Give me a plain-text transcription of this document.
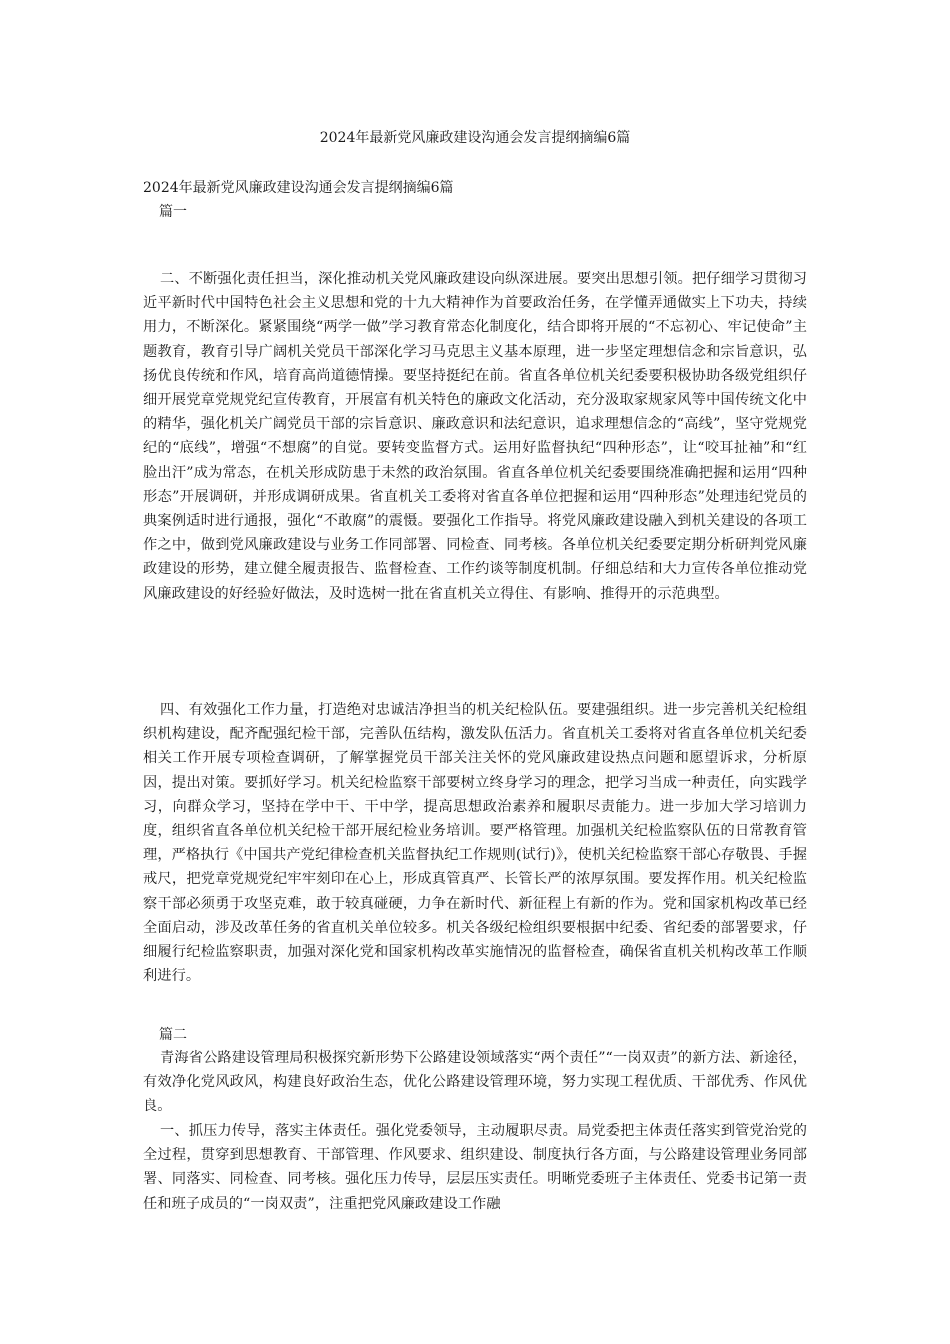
2024年最新党风廉政建设沟通会发言提纲摘编6篇
2024年最新党风廉政建设沟通会发言提纲摘编6篇
篇一

二、不断强化责任担当，深化推动机关党风廉政建设向纵深进展。要突出思想引领。把仔细学习贯彻习近平新时代中国特色社会主义思想和党的十九大精神作为首要政治任务，在学懂弄通做实上下功夫，持续用力，不断深化。紧紧围绕“两学一做”学习教育常态化制度化，结合即将开展的“不忘初心、牢记使命”主题教育，教育引导广阔机关党员干部深化学习马克思主义基本原理，进一步坚定理想信念和宗旨意识，弘扬优良传统和作风，培育高尚道德情操。要坚持挺纪在前。省直各单位机关纪委要积极协助各级党组织仔细开展党章党规党纪宣传教育，开展富有机关特色的廉政文化活动，充分汲取家规家风等中国传统文化中的精华，强化机关广阔党员干部的宗旨意识、廉政意识和法纪意识，追求理想信念的“高线”，坚守党规党纪的“底线”，增强“不想腐”的自觉。要转变监督方式。运用好监督执纪“四种形态”，让“咬耳扯袖”和“红脸出汗”成为常态，在机关形成防患于未然的政治氛围。省直各单位机关纪委要围绕准确把握和运用“四种形态”开展调研，并形成调研成果。省直机关工委将对省直各单位把握和运用“四种形态”处理违纪党员的典案例适时进行通报，强化“不敢腐”的震慑。要强化工作指导。将党风廉政建设融入到机关建设的各项工作之中，做到党风廉政建设与业务工作同部署、同检查、同考核。各单位机关纪委要定期分析研判党风廉政建设的形势，建立健全履责报告、监督检查、工作约谈等制度机制。仔细总结和大力宣传各单位推动党风廉政建设的好经验好做法，及时选树一批在省直机关立得住、有影响、推得开的示范典型。

四、有效强化工作力量，打造绝对忠诚洁净担当的机关纪检队伍。要建强组织。进一步完善机关纪检组织机构建设，配齐配强纪检干部，完善队伍结构，激发队伍活力。省直机关工委将对省直各单位机关纪委相关工作开展专项检查调研，了解掌握党员干部关注关怀的党风廉政建设热点问题和愿望诉求，分析原因，提出对策。要抓好学习。机关纪检监察干部要树立终身学习的理念，把学习当成一种责任，向实践学习，向群众学习，坚持在学中干、干中学，提高思想政治素养和履职尽责能力。进一步加大学习培训力度，组织省直各单位机关纪检干部开展纪检业务培训。要严格管理。加强机关纪检监察队伍的日常教育管理，严格执行《中国共产党纪律检查机关监督执纪工作规则(试行)》，使机关纪检监察干部心存敬畏、手握戒尺，把党章党规党纪牢牢刻印在心上，形成真管真严、长管长严的浓厚氛围。要发挥作用。机关纪检监察干部必须勇于攻坚克难，敢于较真碰硬，力争在新时代、新征程上有新的作为。党和国家机构改革已经全面启动，涉及改革任务的省直机关单位较多。机关各级纪检组织要根据中纪委、省纪委的部署要求，仔细履行纪检监察职责，加强对深化党和国家机构改革实施情况的监督检查，确保省直机关机构改革工作顺利进行。

篇二

青海省公路建设管理局积极探究新形势下公路建设领域落实“两个责任”“一岗双责”的新方法、新途径，有效净化党风政风，构建良好政治生态，优化公路建设管理环境，努力实现工程优质、干部优秀、作风优良。

一、抓压力传导，落实主体责任。强化党委领导，主动履职尽责。局党委把主体责任落实到管党治党的全过程，贯穿到思想教育、干部管理、作风要求、组织建设、制度执行各方面，与公路建设管理业务同部署、同落实、同检查、同考核。强化压力传导，层层压实责任。明晰党委班子主体责任、党委书记第一责任和班子成员的“一岗双责”，注重把党风廉政建设工作融
